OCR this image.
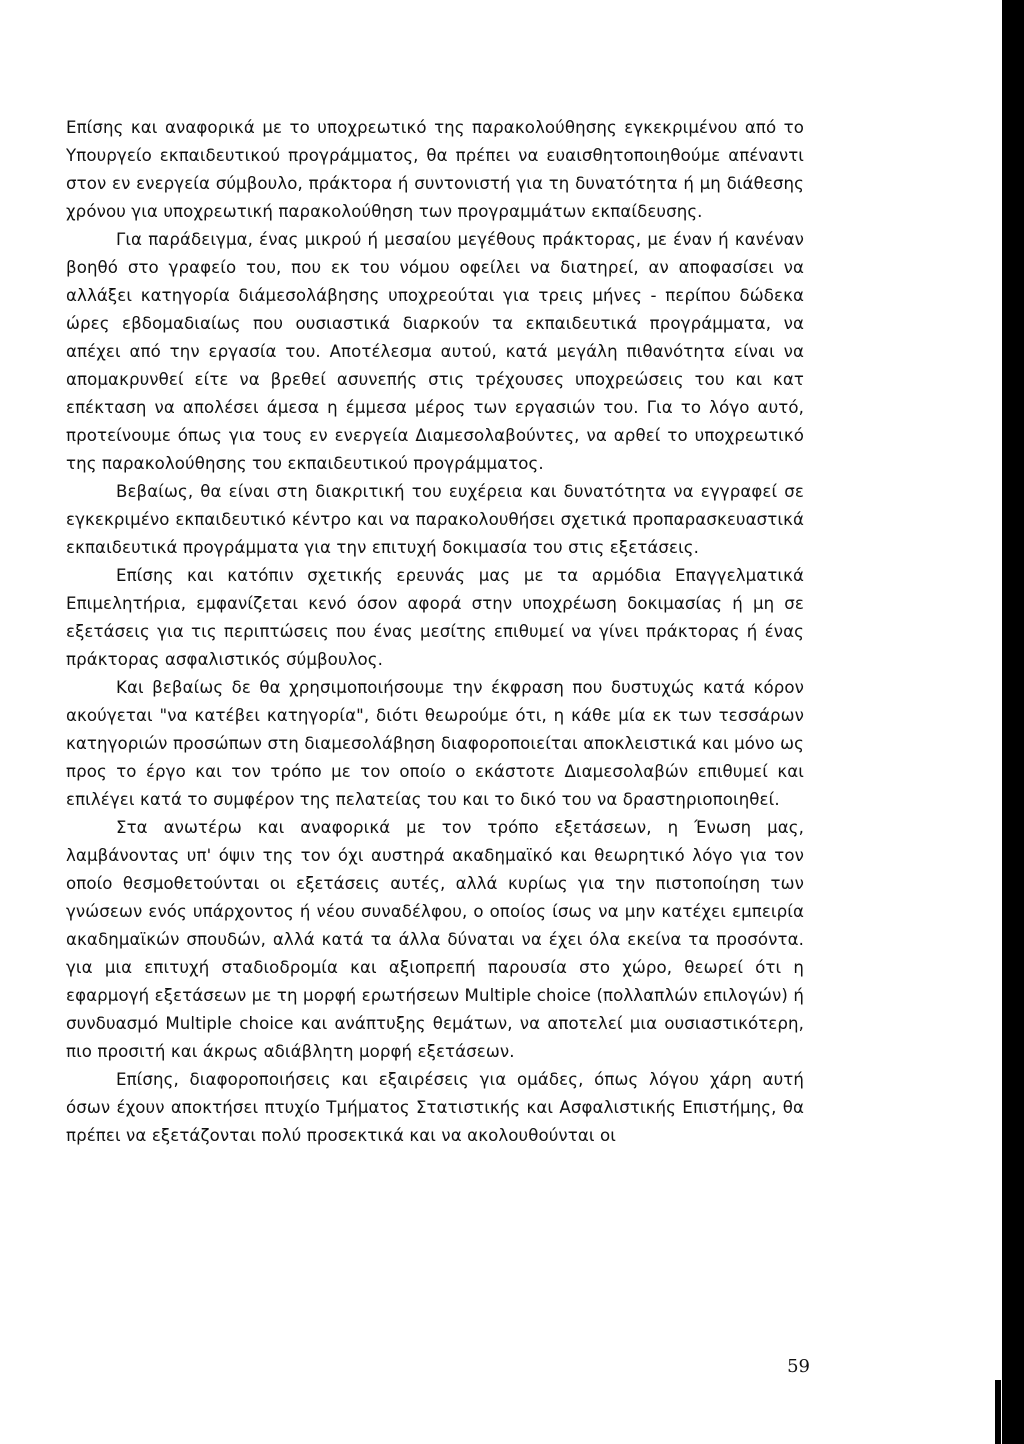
Επίσης και αναφορικά με το υποχρεωτικό της παρακολούθησης εγκεκριμένου από το Υπουργείο εκπαιδευτικού προγράμματος, θα πρέπει να ευαισθητοποιηθούμε απέναντι στον εν ενεργεία σύμβουλο, πράκτορα ή συντονιστή για τη δυνατότητα ή μη διάθεσης χρόνου για υποχρεωτική παρακολούθηση των προγραμμάτων εκπαίδευσης.

Για παράδειγμα, ένας μικρού ή μεσαίου μεγέθους πράκτορας, με έναν ή κανέναν βοηθό στο γραφείο του, που εκ του νόμου οφείλει να διατηρεί, αν αποφασίσει να αλλάξει κατηγορία διάμεσολάβησης υποχρεούται για τρεις μήνες - περίπου δώδεκα ώρες εβδομαδιαίως που ουσιαστικά διαρκούν τα εκπαιδευτικά προγράμματα, να απέχει από την εργασία του. Αποτέλεσμα αυτού, κατά μεγάλη πιθανότητα είναι να απομακρυνθεί είτε να βρεθεί ασυνεπής στις τρέχουσες υποχρεώσεις του και κατ επέκταση να απολέσει άμεσα η έμμεσα μέρος των εργασιών του. Για το λόγο αυτό, προτείνουμε όπως για τους εν ενεργεία Διαμεσολαβούντες, να αρθεί το υποχρεωτικό της παρακολούθησης του εκπαιδευτικού προγράμματος.

Βεβαίως, θα είναι στη διακριτική του ευχέρεια και δυνατότητα να εγγραφεί σε εγκεκριμένο εκπαιδευτικό κέντρο και να παρακολουθήσει σχετικά προπαρασκευαστικά εκπαιδευτικά προγράμματα για την επιτυχή δοκιμασία του στις εξετάσεις.

Επίσης και κατόπιν σχετικής ερευνάς μας με τα αρμόδια Επαγγελματικά Επιμελητήρια, εμφανίζεται κενό όσον αφορά στην υποχρέωση δοκιμασίας ή μη σε εξετάσεις για τις περιπτώσεις που ένας μεσίτης επιθυμεί να γίνει πράκτορας ή ένας πράκτορας ασφαλιστικός σύμβουλος.

Και βεβαίως δε θα χρησιμοποιήσουμε την έκφραση που δυστυχώς κατά κόρον ακούγεται "να κατέβει κατηγορία", διότι θεωρούμε ότι, η κάθε μία εκ των τεσσάρων κατηγοριών προσώπων στη διαμεσολάβηση διαφοροποιείται αποκλειστικά και μόνο ως προς το έργο και τον τρόπο με τον οποίο ο εκάστοτε Διαμεσολαβών επιθυμεί και επιλέγει κατά το συμφέρον της πελατείας του και το δικό του να δραστηριοποιηθεί.

Στα ανωτέρω και αναφορικά με τον τρόπο εξετάσεων, η Ένωση μας, λαμβάνοντας υπ' όψιν της τον όχι αυστηρά ακαδημαϊκό και θεωρητικό λόγο για τον οποίο θεσμοθετούνται οι εξετάσεις αυτές, αλλά κυρίως για την πιστοποίηση των γνώσεων ενός υπάρχοντος ή νέου συναδέλφου, ο οποίος ίσως να μην κατέχει εμπειρία ακαδημαϊκών σπουδών, αλλά κατά τα άλλα δύναται να έχει όλα εκείνα τα προσόντα. για μια επιτυχή σταδιοδρομία και αξιοπρεπή παρουσία στο χώρο, θεωρεί ότι η εφαρμογή εξετάσεων με τη μορφή ερωτήσεων Multiple choice (πολλαπλών επιλογών) ή συνδυασμό Multiple choice και ανάπτυξης θεμάτων, να αποτελεί μια ουσιαστικότερη, πιο προσιτή και άκρως αδιάβλητη μορφή εξετάσεων.

Επίσης, διαφοροποιήσεις και εξαιρέσεις για ομάδες, όπως λόγου χάρη αυτή όσων έχουν αποκτήσει πτυχίο Τμήματος Στατιστικής και Ασφαλιστικής Επιστήμης, θα πρέπει να εξετάζονται πολύ προσεκτικά και να ακολουθούνται οι

59
